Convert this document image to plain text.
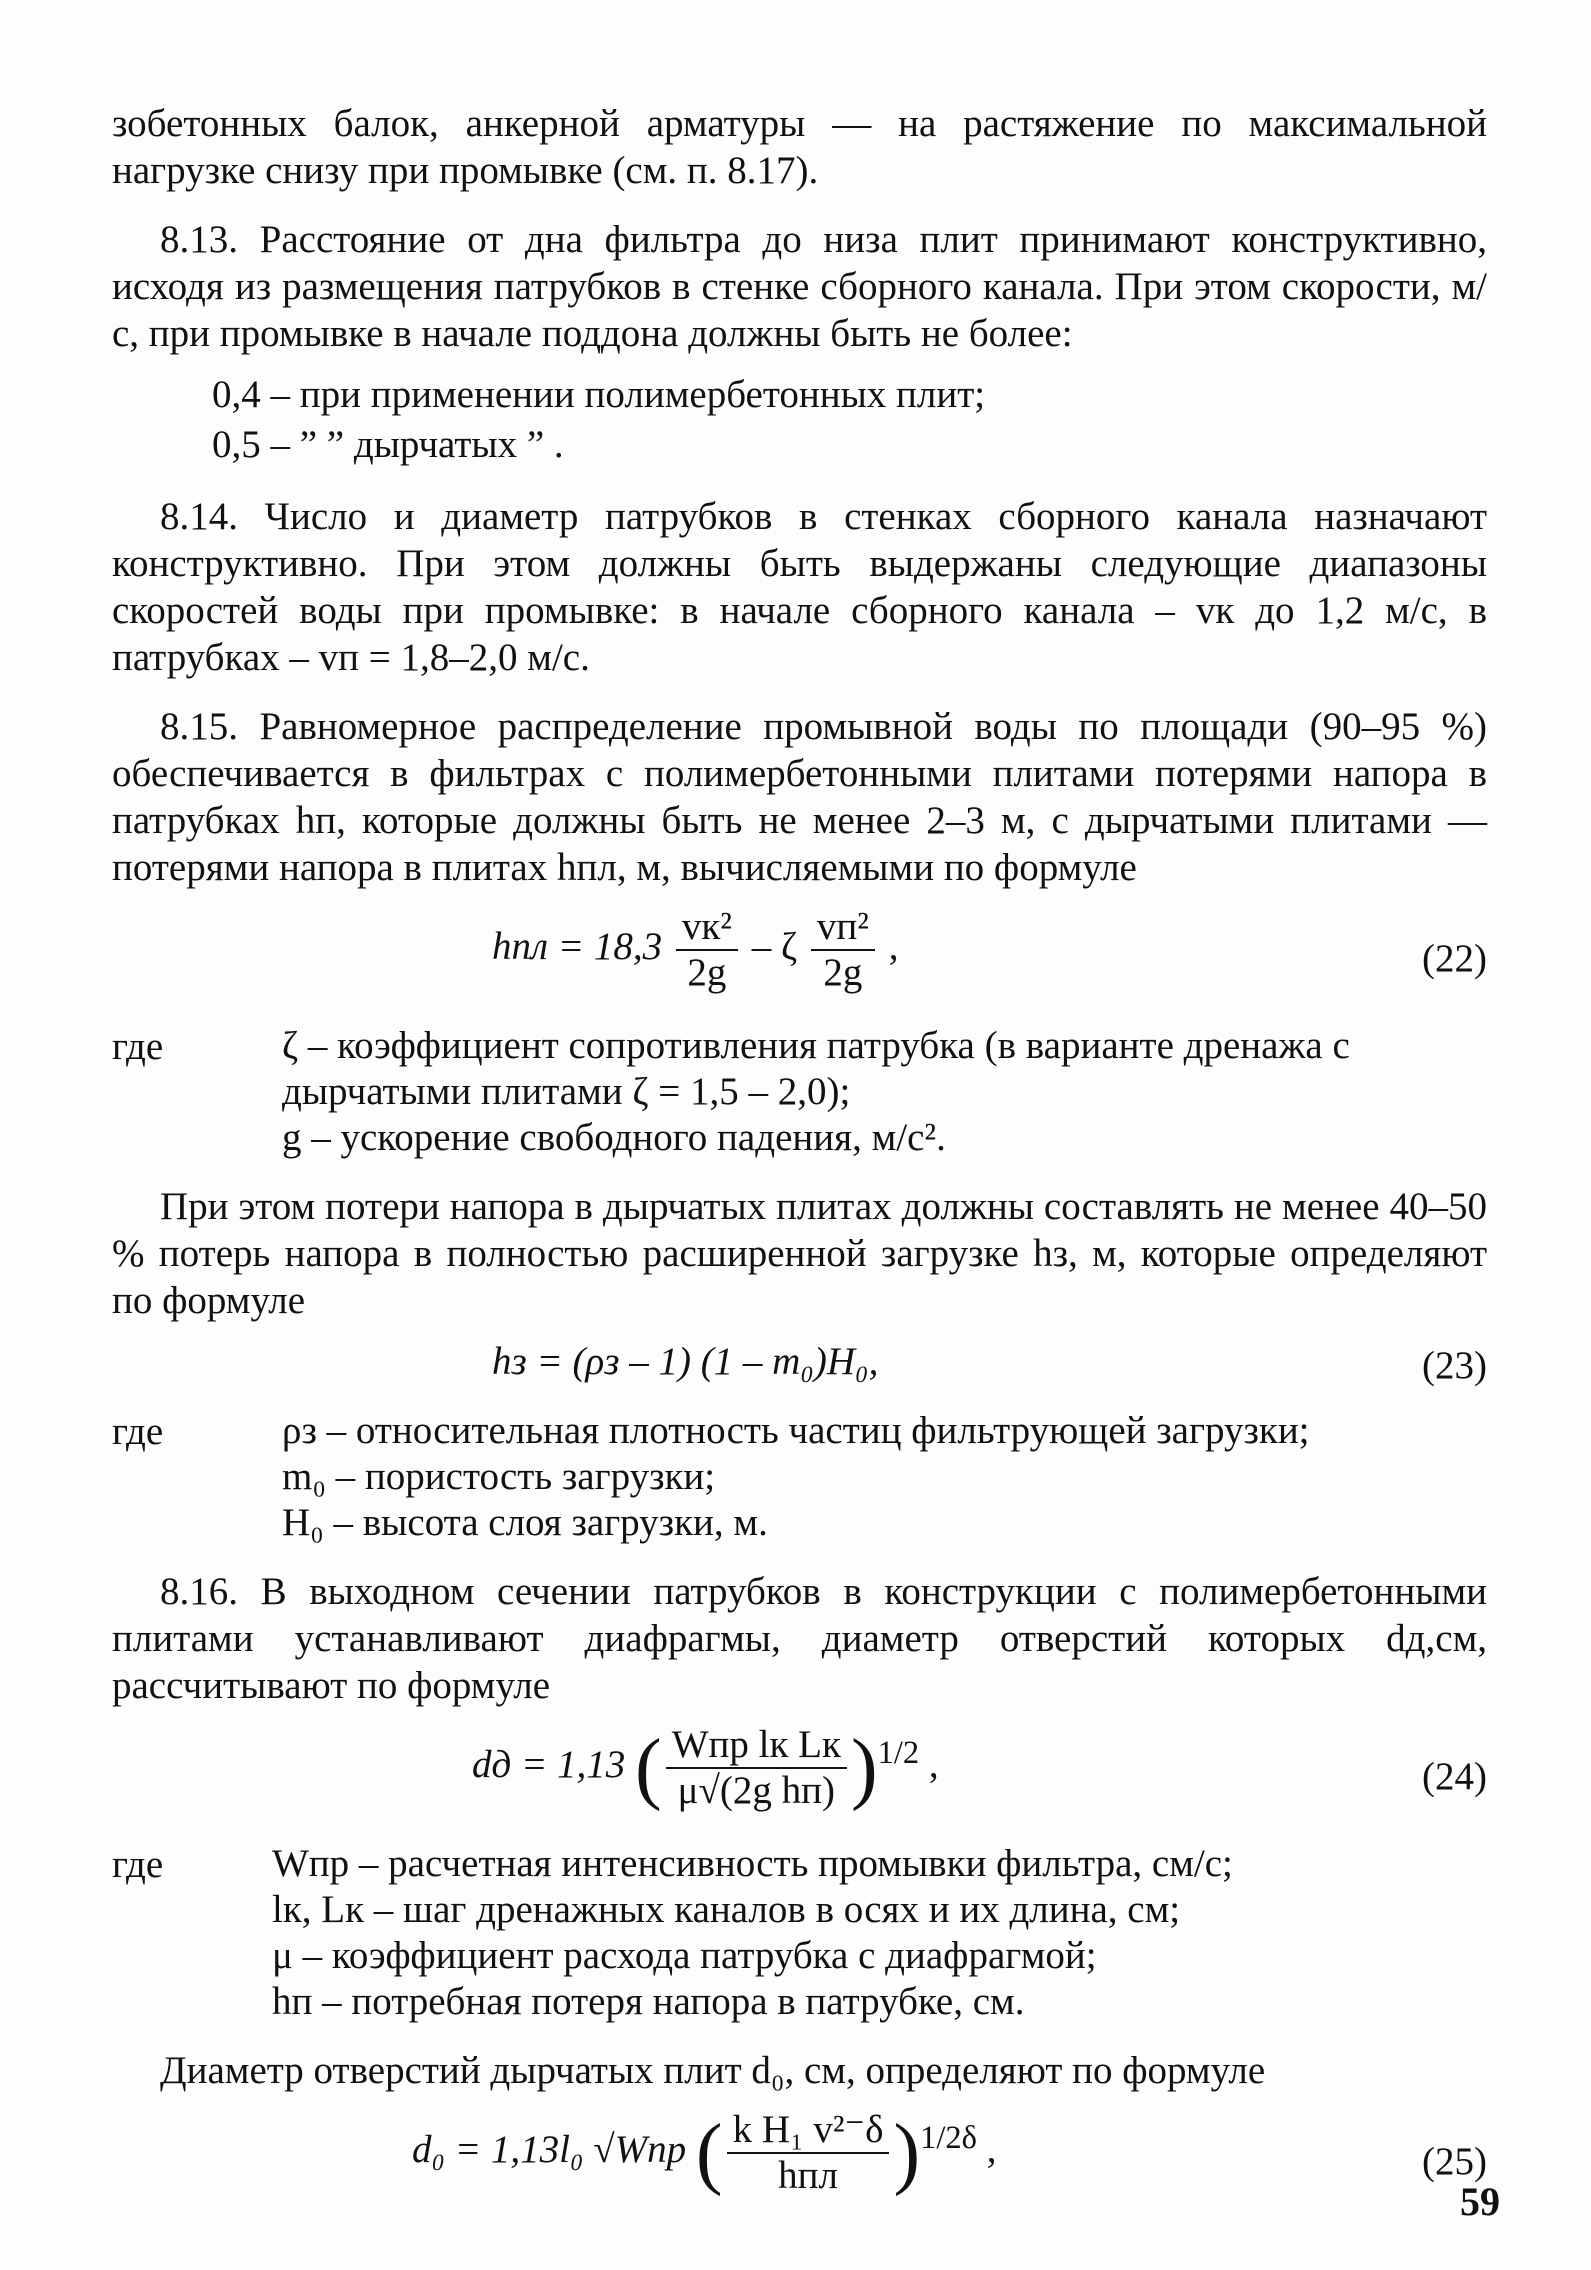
зобетонных балок, анкерной арматуры — на растяжение по максимальной нагрузке снизу при промывке (см. п. 8.17).

8.13. Расстояние от дна фильтра до низа плит принимают конструктивно, исходя из размещения патрубков в стенке сборного канала. При этом скорости, м/с, при промывке в начале поддона должны быть не более:

0,4 – при применении полимербетонных плит;
0,5 – ” ” дырчатых ” .

8.14. Число и диаметр патрубков в стенках сборного канала назначают конструктивно. При этом должны быть выдержаны следующие диапазоны скоростей воды при промывке: в начале сборного канала – vк до 1,2 м/с, в патрубках – vп = 1,8–2,0 м/с.

8.15. Равномерное распределение промывной воды по площади (90–95 %) обеспечивается в фильтрах с полимербетонными плитами потерями напора в патрубках hп, которые должны быть не менее 2–3 м, с дырчатыми плитами — потерями напора в плитах hпл, м, вычисляемыми по формуле

hпл = $18,3 \frac{\text{vк²}}{2g}$ – ζ $\frac{\text{vп²}}{2g}$ ,	(22)
где	ζ – коэффициент сопротивления патрубка (в варианте дренажа с дырчатыми плитами ζ = 1,5 – 2,0);
g – ускорение свободного падения, м/с².

При этом потери напора в дырчатых плитах должны составлять не менее 40–50 % потерь напора в полностью расширенной загрузке hз, м, которые определяют по формуле

hз = (ρз – 1) (1 – m₀)H₀,	(23)
где	ρз – относительная плотность частиц фильтрующей загрузки;
m₀ – пористость загрузки;
H₀ – высота слоя загрузки, м.

8.16. В выходном сечении патрубков в конструкции с полимербетонными плитами устанавливают диафрагмы, диаметр отверстий которых dд,см, рассчитывают по формуле

dд = 1,13 ( $\frac{\text{Wпр lк Lк}}{\text{μ√(2g hп)}} )^{1/2}$ ,	(24)
где	Wпр – расчетная интенсивность промывки фильтра, см/с;
lк, Lк – шаг дренажных каналов в осях и их длина, см;
μ – коэффициент расхода патрубка с диафрагмой;
hп – потребная потеря напора в патрубке, см.

Диаметр отверстий дырчатых плит d₀, см, определяют по формуле

d₀ = 1,13l₀ √Wпр ( $\frac{\text{k H₁ v²⁻δ}}{\text{hпл}} )^{1/2\delta}$ ,	(25)
59
